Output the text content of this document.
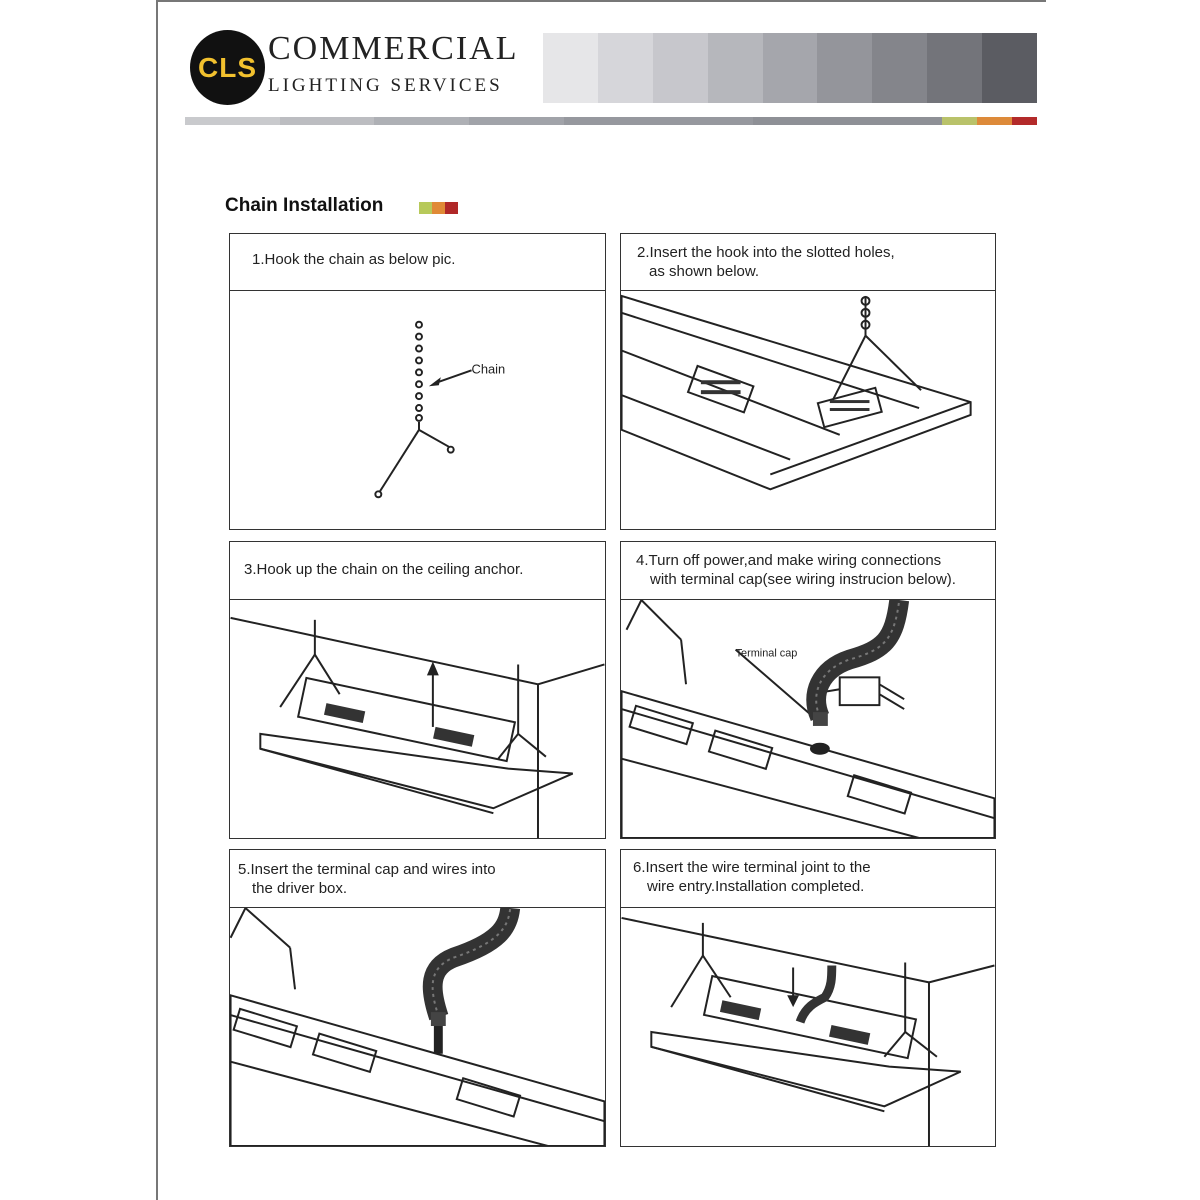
CLS
COMMERCIAL
LIGHTING SERVICES
Chain Installation
1.Hook the chain as below pic.
Chain
2.Insert the hook into the slotted holes,
as shown below.
3.Hook up the chain on the ceiling anchor.
4.Turn off power,and make wiring connections
with terminal cap(see wiring instrucion below).
Terminal cap
5.Insert the terminal cap and wires into
the driver box.
6.Insert the wire terminal joint to the
wire entry.Installation completed.
